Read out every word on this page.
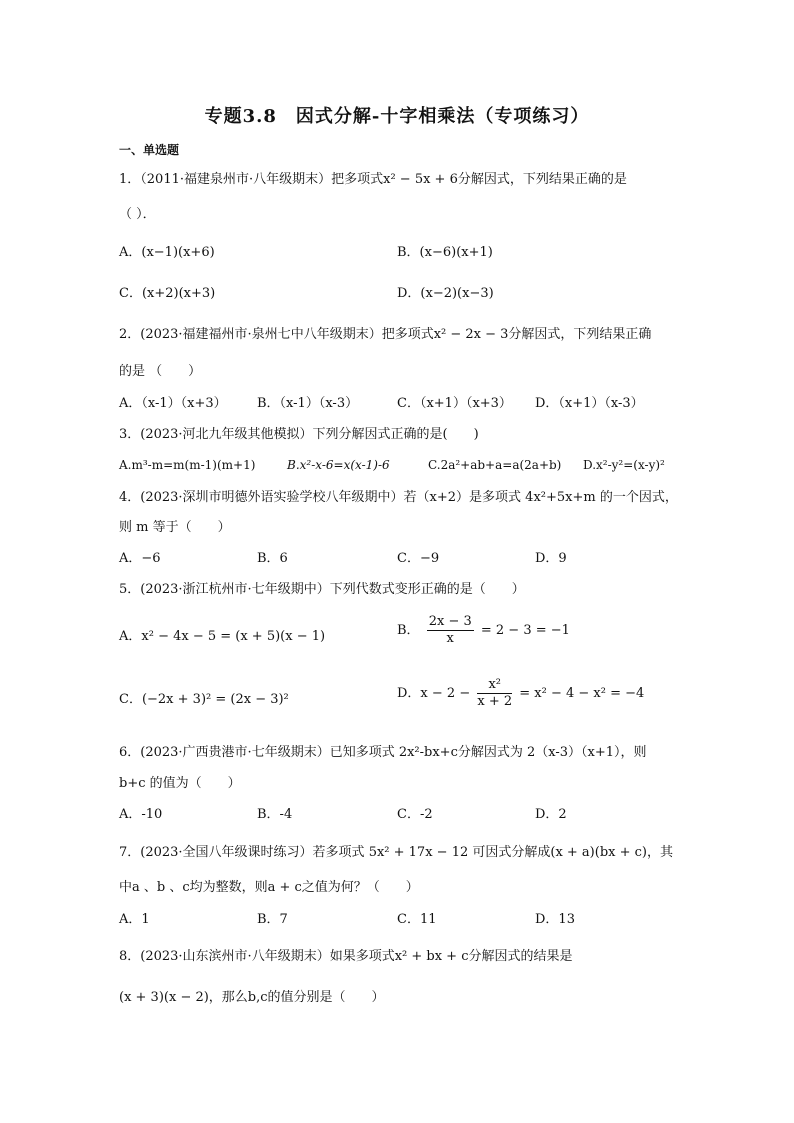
专题3.8　因式分解-十字相乘法（专项练习）
一、单选题
1．（2011·福建泉州市·八年级期末）把多项式x² − 5x + 6分解因式，下列结果正确的是
（ ）．
A．(x−1)(x+6)	B．(x−6)(x+1)
C．(x+2)(x+3)	D．(x−2)(x−3)
2．(2023·福建福州市·泉州七中八年级期末）把多项式x² − 2x − 3分解因式，下列结果正确
的是 （　　）
A．（x-1）（x+3） B．（x-1）（x-3）	C．（x+1）（x+3） D．（x+1）（x-3）
3．(2023·河北九年级其他模拟）下列分解因式正确的是(　　)
A.m³-m=m(m-1)(m+1)	B.x²-x-6=x(x-1)-6	C.2a²+ab+a=a(2a+b) D.x²-y²=(x-y)²
4．(2023·深圳市明德外语实验学校八年级期中）若（x+2）是多项式 4x²+5x+m 的一个因式，
则 m 等于（　　）
A．−6	B．6	C．−9	D．9
5．(2023·浙江杭州市·七年级期中）下列代数式变形正确的是（　　）
A．x² − 4x − 5 = (x + 5)(x − 1)	B． $\frac{2x - 3}{x} = 2 - 3 = -1$
C．(−2x + 3)² = (2x − 3)²	D．$x - 2 - \frac{\text{x²}}{x + 2} = x^2 - 4 - x^2 = -4$
6．(2023·广西贵港市·七年级期末）已知多项式 2x²-bx+c分解因式为 2（x-3）（x+1），则
b+c 的值为（　　）
A．-10	B．-4	C．-2	D．2
7．(2023·全国八年级课时练习）若多项式 5x² + 17x − 12 可因式分解成(x + a)(bx + c)，其
中a 、b 、c均为整数，则a + c之值为何？（　　）
A．1	B．7	C．11	D．13
8．(2023·山东滨州市·八年级期末）如果多项式x² + bx + c分解因式的结果是
(x + 3)(x − 2)，那么b,c的值分别是（　　）
